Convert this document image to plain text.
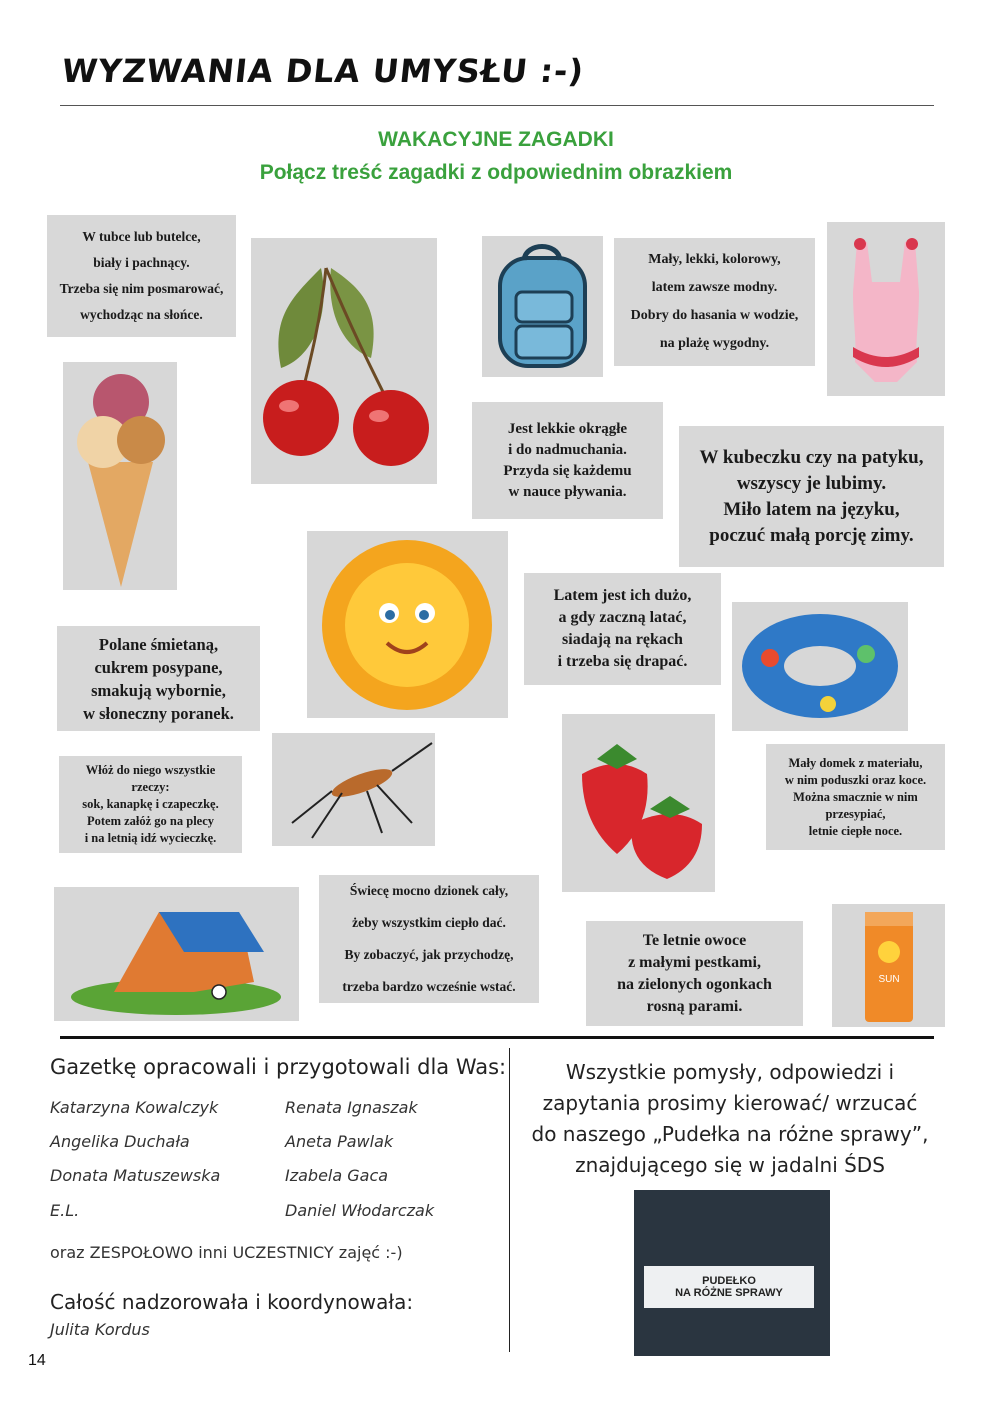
WYZWANIA DLA UMYSŁU :-)
WAKACYJNE ZAGADKI
Połącz treść zagadki z odpowiednim obrazkiem
W tubce lub butelce,
biały i pachnący.
Trzeba się nim posmarować,
wychodząc na słońce.
Mały, lekki, kolorowy,
latem zawsze modny.
Dobry do hasania w wodzie,
na plażę wygodny.
Jest lekkie okrągłe
i do nadmuchania.
Przyda się każdemu
w nauce pływania.
W kubeczku czy na patyku,
wszyscy je lubimy.
Miło latem na języku,
poczuć małą porcję zimy.
Latem jest ich dużo,
a gdy zaczną latać,
siadają na rękach
i trzeba się drapać.
Polane śmietaną,
cukrem posypane,
smakują wybornie,
w słoneczny poranek.
Włóż do niego wszystkie
rzeczy:
sok, kanapkę i czapeczkę.
Potem załóż go na plecy
i na letnią idź wycieczkę.
Mały domek z materiału,
w nim poduszki oraz koce.
Można smacznie w nim
przesypiać,
letnie ciepłe noce.
Świecę mocno dzionek cały,
żeby wszystkim ciepło dać.
By zobaczyć, jak przychodzę,
trzeba bardzo wcześnie wstać.
Te letnie owoce
z małymi pestkami,
na zielonych ogonkach
rosną parami.
SUN
Gazetkę opracowali i przygotowali dla Was:
Katarzyna Kowalczyk
Angelika Duchała
Donata Matuszewska
E.L.
Renata Ignaszak
Aneta Pawlak
Izabela Gaca
Daniel Włodarczak
oraz ZESPOŁOWO inni UCZESTNICY zajęć :-)
Całość nadzorowała i koordynowała:
Julita Kordus
Wszystkie pomysły, odpowiedzi i
zapytania prosimy kierować/ wrzucać
do naszego „Pudełka na różne sprawy”,
znajdującego się w jadalni ŚDS
PUDEŁKO
NA RÓŻNE SPRAWY
14
